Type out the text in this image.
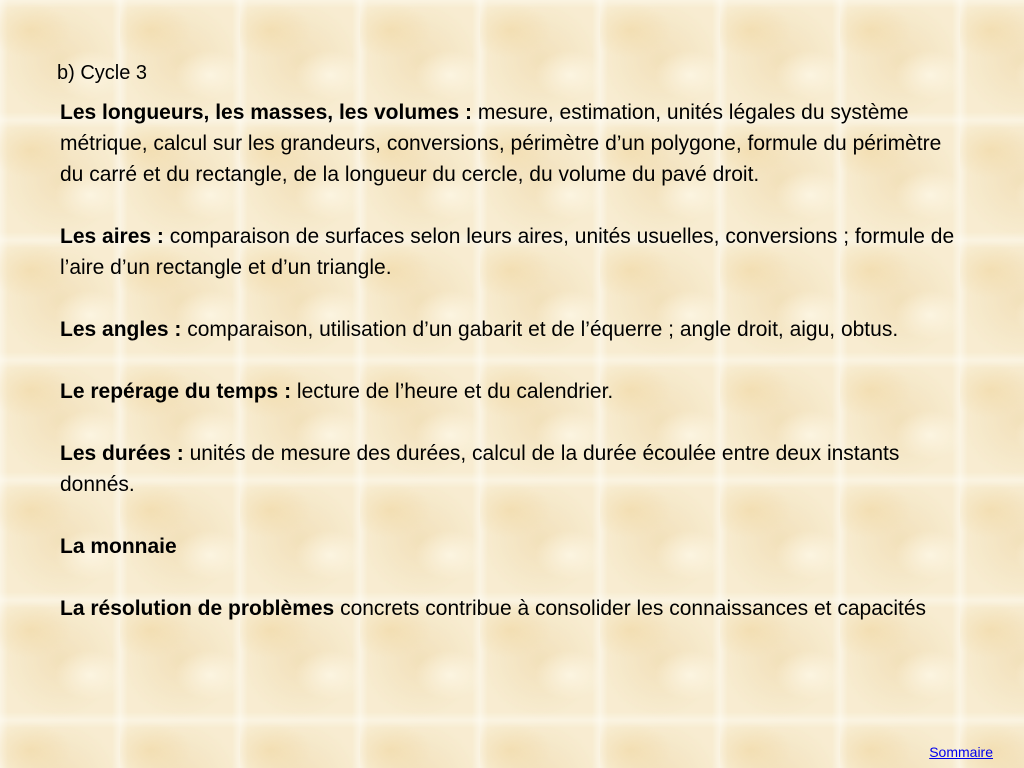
b) Cycle 3

Les longueurs, les masses, les volumes : mesure, estimation, unités légales du système métrique, calcul sur les grandeurs, conversions, périmètre d’un polygone, formule du périmètre du carré et du rectangle, de la longueur du cercle, du volume du pavé droit.

Les aires : comparaison de surfaces selon leurs aires, unités usuelles, conversions ; formule de l’aire d’un rectangle et d’un triangle.

Les angles : comparaison, utilisation d’un gabarit et de l’équerre ; angle droit, aigu, obtus.

Le repérage du temps : lecture de l’heure et du calendrier.

Les durées : unités de mesure des durées, calcul de la durée écoulée entre deux instants donnés.

La monnaie

La résolution de problèmes concrets contribue à consolider les connaissances et capacités

Sommaire
